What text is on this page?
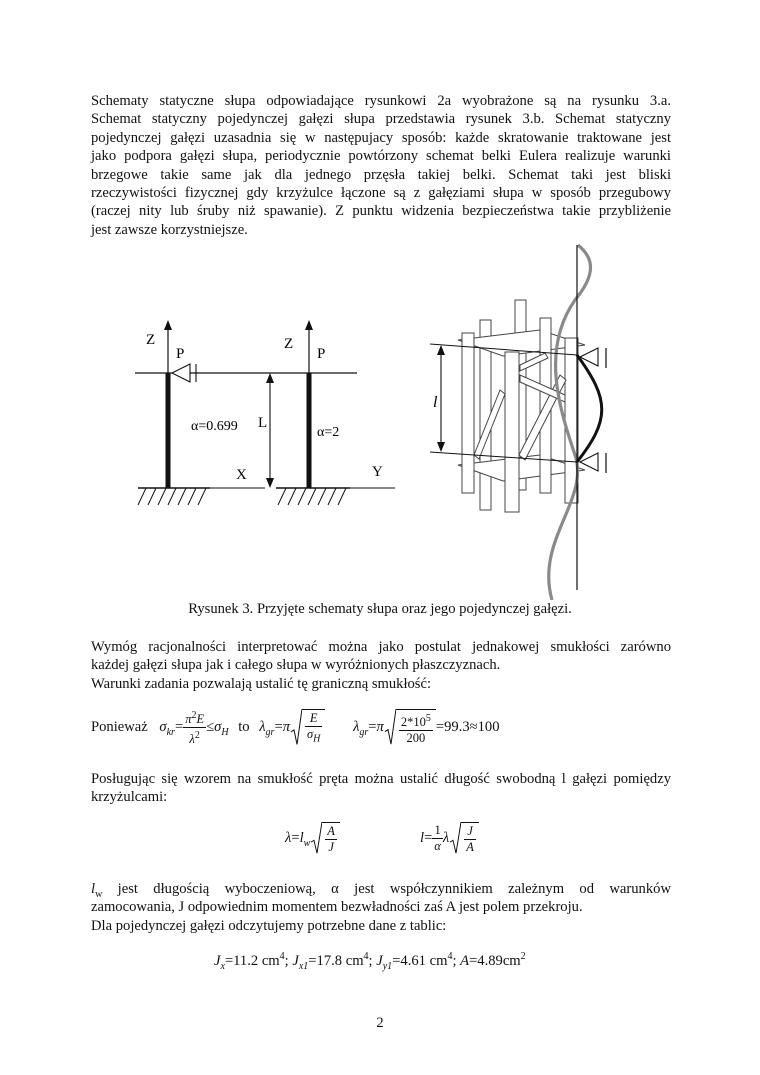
Schematy statyczne słupa odpowiadające rysunkowi 2a wyobrażone są na rysunku 3.a.
Schemat statyczny pojedynczej gałęzi słupa przedstawia rysunek 3.b. Schemat statyczny
pojedynczej gałęzi uzasadnia się w następujacy sposób: każde skratowanie traktowane jest
jako podpora gałęzi słupa, periodycznie powtórzony schemat belki Eulera realizuje warunki
brzegowe takie same jak dla jednego przęsła takiej belki. Schemat taki jest bliski
rzeczywistości fizycznej gdy krzyżulce łączone są z gałęziami słupa w sposób przegubowy
(raczej nity lub śruby niż spawanie). Z punktu widzenia bezpieczeństwa takie przybliżenie
jest zawsze korzystniejsze.
Z
P
α=0.699 L
X
Z
P
α=2
Y
l
Rysunek 3. Przyjęte schematy słupa oraz jego pojedynczej gałęzi.
Wymóg racjonalności interpretować można jako postulat jednakowej smukłości zarówno
każdej gałęzi słupa jak i całego słupa w wyróżnionych płaszczyznach.
Warunki zadania pozwalają ustalić tę graniczną smukłość:
Ponieważ $\sigma_{kr}= \frac{\pi^2E}{\lambda^2} \le\sigma_H$ to $\lambda_{gr}=\pi \frac{E}{\sigma_H} \lambda_{gr}=\pi \frac{2*10^5}{200} =99.3\approx 100$
Posługując się wzorem na smukłość pręta można ustalić długość swobodną l gałęzi pomiędzy
krzyżulcami:
$\lambda=l_w \frac{A}{J}$	$l= \frac{1}{\alpha}$ λ $\frac{J}{A}$
$l_w$ jest długością wyboczeniową, α jest współczynnikiem zależnym od warunków
zamocowania, J odpowiednim momentem bezwładności zaś A jest polem przekroju.
Dla pojedynczej gałęzi odczytujemy potrzebne dane z tablic:
$J_x=11.2$ $cm^4$; $J_{x1}=17.8$ $cm^4$; $J_{y1}=4.61$ $cm^4$; $A=4.89cm^2$
2
